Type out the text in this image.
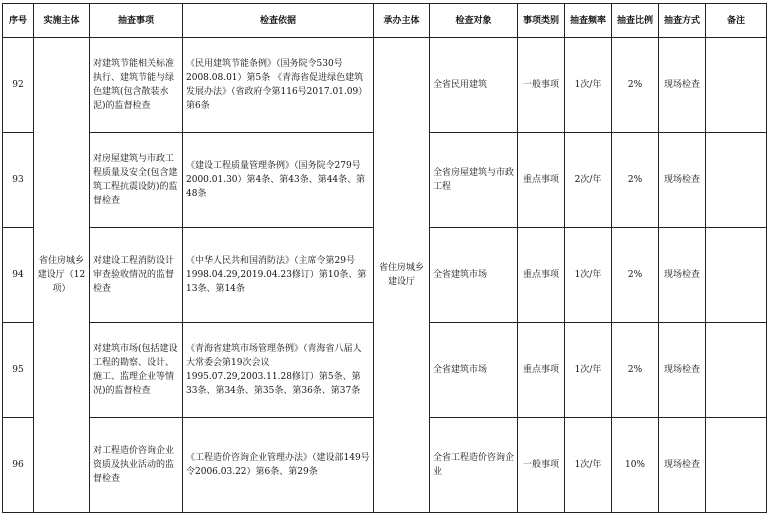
序号	实施主体	抽查事项	检查依据	承办主体	检查对象	事项类别	抽查频率	抽查比例	抽查方式	备注
92	省住房城乡建设厅（12项）	对建筑节能相关标准执行、建筑节能与绿色建筑(包含散装水泥)的监督检查	《民用建筑节能条例》（国务院令530号2008.08.01）第5条 《青海省促进绿色建筑发展办法》（省政府令第116号2017.01.09）第6条	省住房城乡建设厅	全省民用建筑	一般事项	1次/年	2%	现场检查	
93		对房屋建筑与市政工程质量及安全(包含建筑工程抗震设防)的监督检查	《建设工程质量管理条例》（国务院令279号2000.01.30）第4条、第43条、第44条、第48条		全省房屋建筑与市政工程	重点事项	2次/年	2%	现场检查	
94		对建设工程消防设计审查验收情况的监督检查	《中华人民共和国消防法》（主席令第29号1998.04.29,2019.04.23修订）第10条、第13条、第14条		全省建筑市场	重点事项	1次/年	2%	现场检查	
95		对建筑市场(包括建设工程的勘察、设计、施工、监理企业等情况)的监督检查	《青海省建筑市场管理条例》（青海省八届人大常委会第19次会议1995.07.29,2003.11.28修订）第5条、第33条、第34条、第35条、第36条、第37条		全省建筑市场	重点事项	1次/年	2%	现场检查	
96		对工程造价咨询企业资质及执业活动的监督检查	《工程造价咨询企业管理办法》（建设部149号令2006.03.22）第6条、第29条		全省工程造价咨询企业	一般事项	1次/年	10%	现场检查	
